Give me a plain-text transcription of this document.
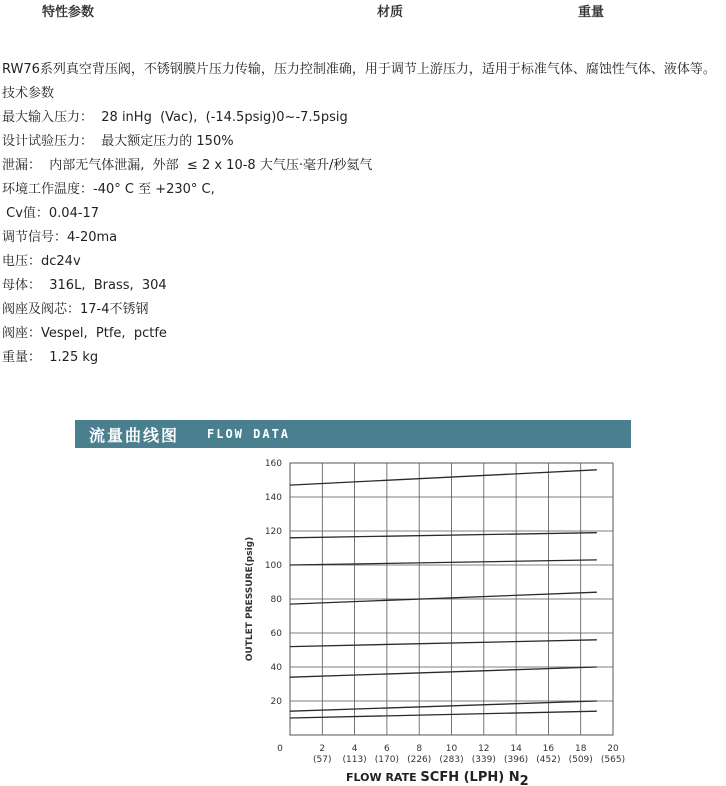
特性参数	材质	重量

RW76系列真空背压阀，不锈钢膜片压力传输，压力控制准确，用于调节上游压力，适用于标准气体、腐蚀性气体、液体等。

技术参数

最大输入压力：  28 inHg  (Vac),  (-14.5psig)0~-7.5psig

设计试验压力：  最大额定压力的 150%

泄漏：  内部无气体泄漏,  外部  ≤ 2 x 10-8 大气压·毫升/秒氦气

环境工作温度：-40° C 至 +230° C,

Cv值：0.04-17

调节信号：4-20ma

电压：dc24v

母体：  316L,  Brass,  304

阀座及阀芯：17-4不锈钢

阀座：Vespel,  Ptfe,  pctfe

重量：  1.25 kg

流量曲线图 FLOW DATA
20
40
60
80
100
120
140
160
0	2
(57)
4
(113)
6
(170)
8
(226)
10
(283)
12
(339)
14
(396)
16
(452)
18
(509)
20
(565)
OUTLET PRESSURE(psig)
FLOW RATE SCFH (LPH) N2
